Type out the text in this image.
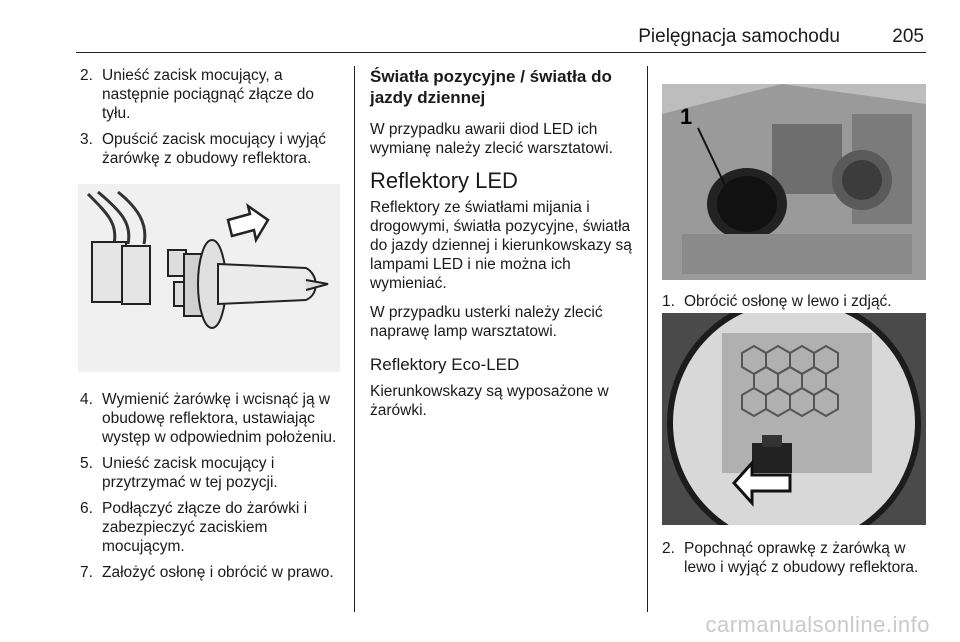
Pielęgnacja samochodu	205
2. Unieść zacisk mocujący, a następnie pociągnąć złącze do tyłu.
3. Opuścić zacisk mocujący i wyjąć żarówkę z obudowy reflektora.
4. Wymienić żarówkę i wcisnąć ją w obudowę reflektora, ustawiając występ w odpowiednim położeniu.
5. Unieść zacisk mocujący i przytrzymać w tej pozycji.
6. Podłączyć złącze do żarówki i zabezpieczyć zaciskiem mocującym.
7. Założyć osłonę i obrócić w prawo.
Światła pozycyjne / światła do jazdy dziennej

W przypadku awarii diod LED ich wymianę należy zlecić warsztatowi.

Reflektory LED

Reflektory ze światłami mijania i drogowymi, światła pozycyjne, światła do jazdy dziennej i kierunkowskazy są lampami LED i nie można ich wymieniać.

W przypadku usterki należy zlecić naprawę lamp warsztatowi.

Reflektory Eco-LED

Kierunkowskazy są wyposażone w żarówki.

1
1. Obrócić osłonę w lewo i zdjąć.
2. Popchnąć oprawkę z żarówką w lewo i wyjąć z obudowy reflektora.
carmanualsonline.info
